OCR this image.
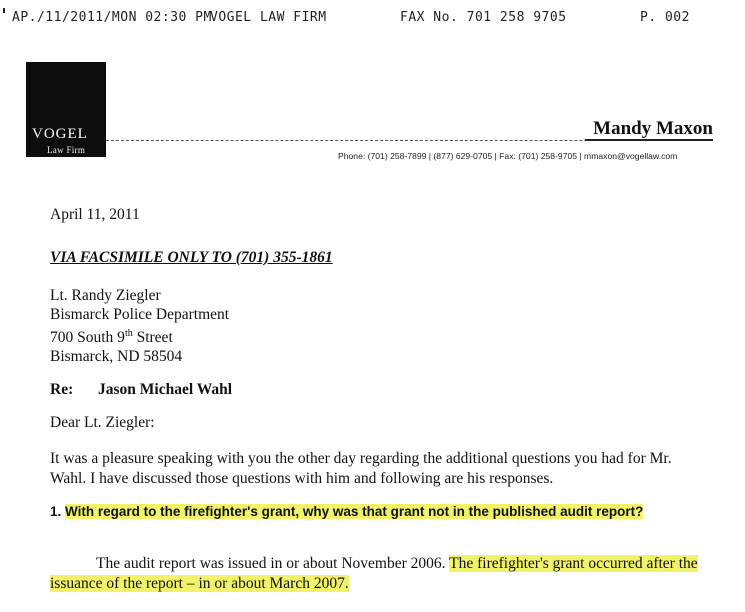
AP./11/2011/MON 02:30 PM
VOGEL LAW FIRM	FAX No. 701 258 9705	P. 002
VOGEL
Law Firm
Mandy Maxon
Phone: (701) 258-7899 | (877) 629-0705 | Fax: (701) 258-9705 | mmaxon@vogellaw.com
April 11, 2011
VIA FACSIMILE ONLY TO (701) 355-1861
Lt. Randy Ziegler
Bismarck Police Department
700 South 9th Street
Bismarck, ND 58504
Re: Jason Michael Wahl
Dear Lt. Ziegler:
It was a pleasure speaking with you the other day regarding the additional questions you had for Mr. Wahl. I have discussed those questions with him and following are his responses.
1. With regard to the firefighter's grant, why was that grant not in the published audit report?
The audit report was issued in or about November 2006. The firefighter's grant occurred after the issuance of the report – in or about March 2007.
